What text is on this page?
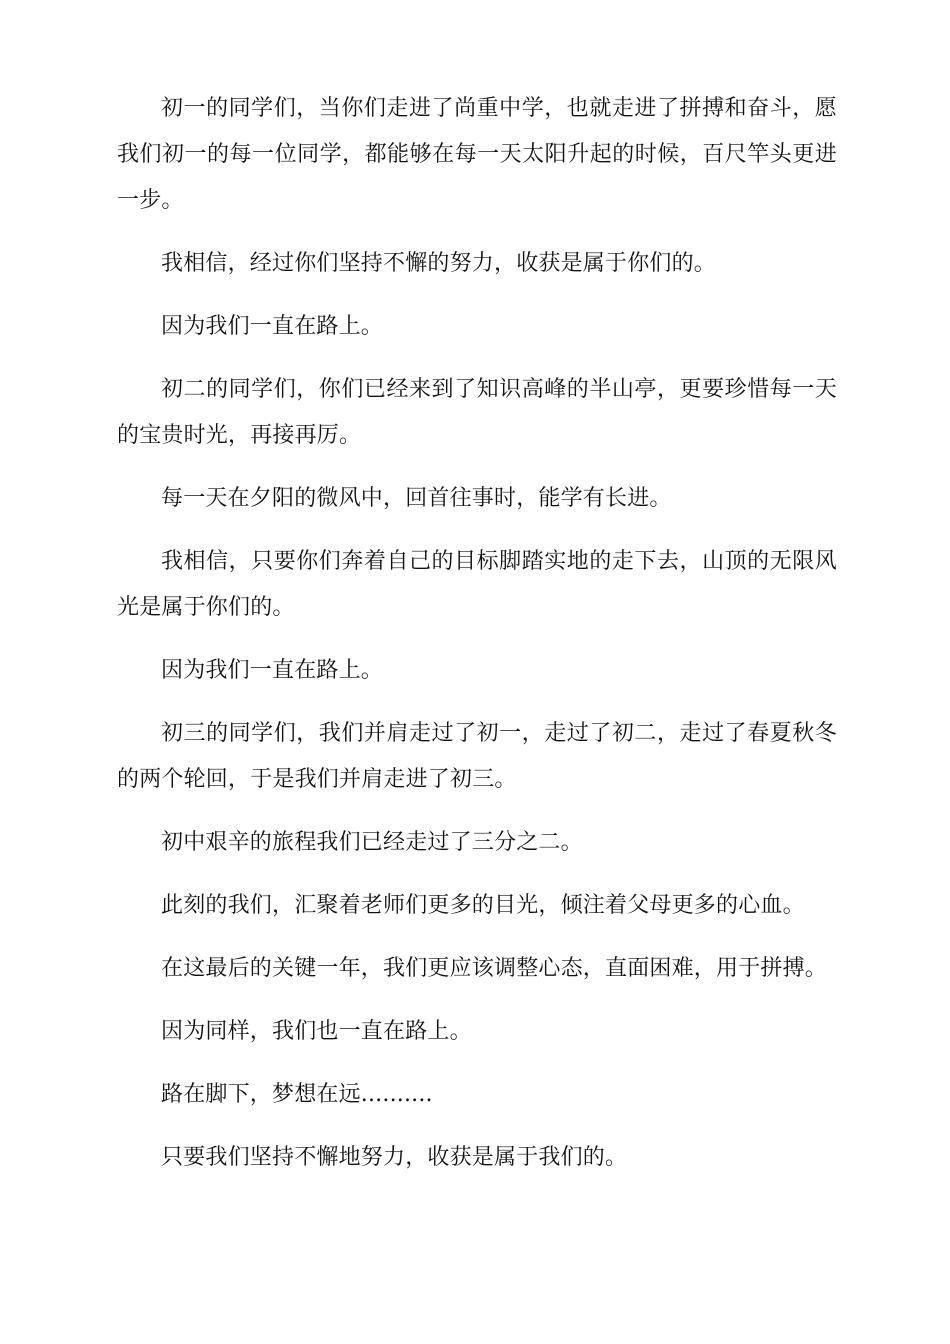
初一的同学们，当你们走进了尚重中学，也就走进了拼搏和奋斗，愿我们初一的每一位同学，都能够在每一天太阳升起的时候，百尺竿头更进一步。

我相信，经过你们坚持不懈的努力，收获是属于你们的。

因为我们一直在路上。

初二的同学们，你们已经来到了知识高峰的半山亭，更要珍惜每一天的宝贵时光，再接再厉。

每一天在夕阳的微风中，回首往事时，能学有长进。

我相信，只要你们奔着自己的目标脚踏实地的走下去，山顶的无限风光是属于你们的。

因为我们一直在路上。

初三的同学们，我们并肩走过了初一，走过了初二，走过了春夏秋冬的两个轮回，于是我们并肩走进了初三。

初中艰辛的旅程我们已经走过了三分之二。

此刻的我们，汇聚着老师们更多的目光，倾注着父母更多的心血。

在这最后的关键一年，我们更应该调整心态，直面困难，用于拼搏。

因为同样，我们也一直在路上。

路在脚下，梦想在远..........

只要我们坚持不懈地努力，收获是属于我们的。
